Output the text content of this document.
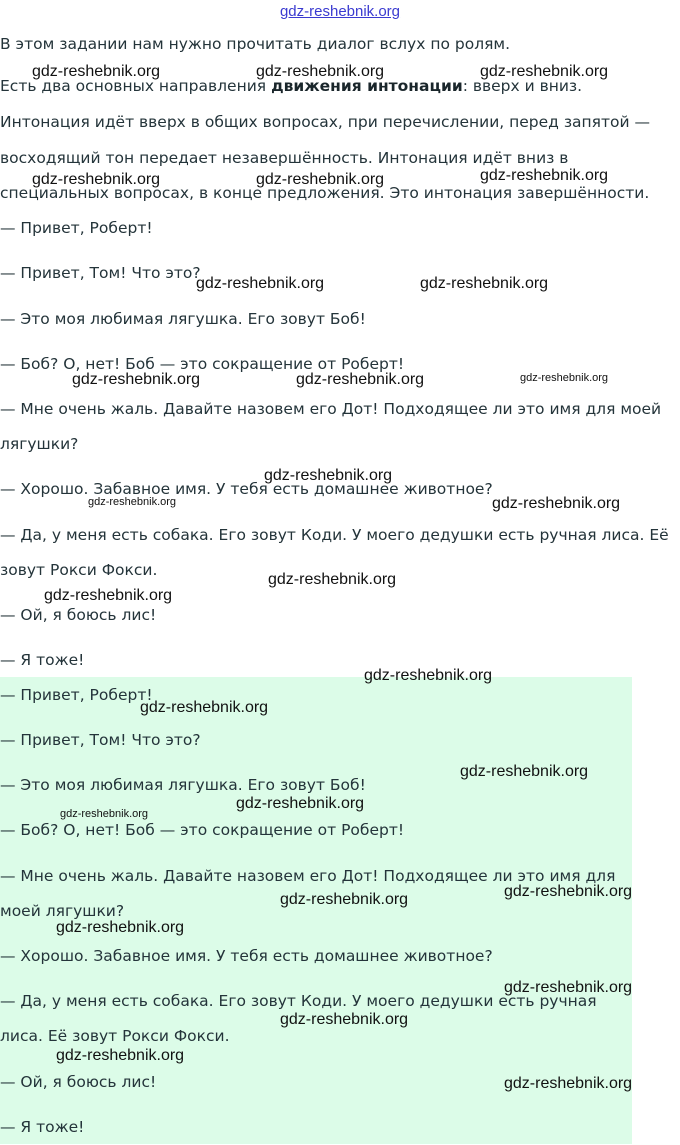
gdz-reshebnik.org
В этом задании нам нужно прочитать диалог вслух по ролям.
Есть два основных направления движения интонации: вверх и вниз.
Интонация идёт вверх в общих вопросах, при перечислении, перед запятой —
восходящий тон передает незавершённость. Интонация идёт вниз в
специальных вопросах, в конце предложения. Это интонация завершённости.
— Привет, Роберт!
— Привет, Том! Что это?
— Это моя любимая лягушка. Его зовут Боб!
— Боб? О, нет! Боб — это сокращение от Роберт!
— Мне очень жаль. Давайте назовем его Дот! Подходящее ли это имя для моей
лягушки?
— Хорошо. Забавное имя. У тебя есть домашнее животное?
— Да, у меня есть собака. Его зовут Коди. У моего дедушки есть ручная лиса. Её
зовут Рокси Фокси.
— Ой, я боюсь лис!
— Я тоже!
— Привет, Роберт!
— Привет, Том! Что это?
— Это моя любимая лягушка. Его зовут Боб!
— Боб? О, нет! Боб — это сокращение от Роберт!
— Мне очень жаль. Давайте назовем его Дот! Подходящее ли это имя для
моей лягушки?
— Хорошо. Забавное имя. У тебя есть домашнее животное?
— Да, у меня есть собака. Его зовут Коди. У моего дедушки есть ручная
лиса. Её зовут Рокси Фокси.
— Ой, я боюсь лис!
— Я тоже!
gdz-reshebnik.org	gdz-reshebnik.org	gdz-reshebnik.org
gdz-reshebnik.org	gdz-reshebnik.org	gdz-reshebnik.org
gdz-reshebnik.org	gdz-reshebnik.org
gdz-reshebnik.org	gdz-reshebnik.org	gdz-reshebnik.org
gdz-reshebnik.org
gdz-reshebnik.org	gdz-reshebnik.org
gdz-reshebnik.org
gdz-reshebnik.org
gdz-reshebnik.org
gdz-reshebnik.org
gdz-reshebnik.org
gdz-reshebnik.org
gdz-reshebnik.org
gdz-reshebnik.org
gdz-reshebnik.org
gdz-reshebnik.org
gdz-reshebnik.org
gdz-reshebnik.org
gdz-reshebnik.org
gdz-reshebnik.org
